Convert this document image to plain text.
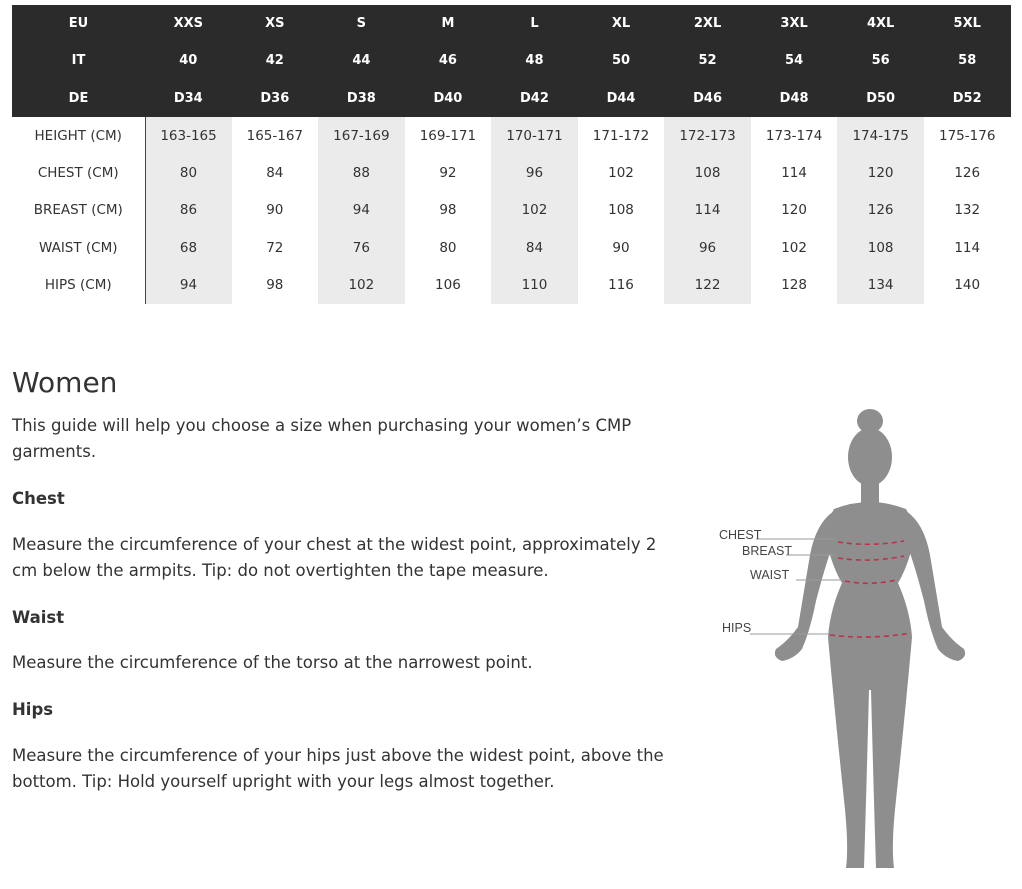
EU	XXS	XS	S	M	L	XL	2XL	3XL	4XL	5XL
IT	40	42	44	46	48	50	52	54	56	58
DE	D34	D36	D38	D40	D42	D44	D46	D48	D50	D52
HEIGHT (CM)	163-165	165-167	167-169	169-171	170-171	171-172	172-173	173-174	174-175	175-176
CHEST (CM)	80	84	88	92	96	102	108	114	120	126
BREAST (CM)	86	90	94	98	102	108	114	120	126	132
WAIST (CM)	68	72	76	80	84	90	96	102	108	114
HIPS (CM)	94	98	102	106	110	116	122	128	134	140
Women

This guide will help you choose a size when purchasing your women’s CMP garments.

Chest

Measure the circumference of your chest at the widest point, approximately 2 cm below the armpits. Tip: do not overtighten the tape measure.

Waist

Measure the circumference of the torso at the narrowest point.

Hips

Measure the circumference of your hips just above the widest point, above the bottom. Tip: Hold yourself upright with your legs almost together.

CHEST
BREAST
WAIST
HIPS
